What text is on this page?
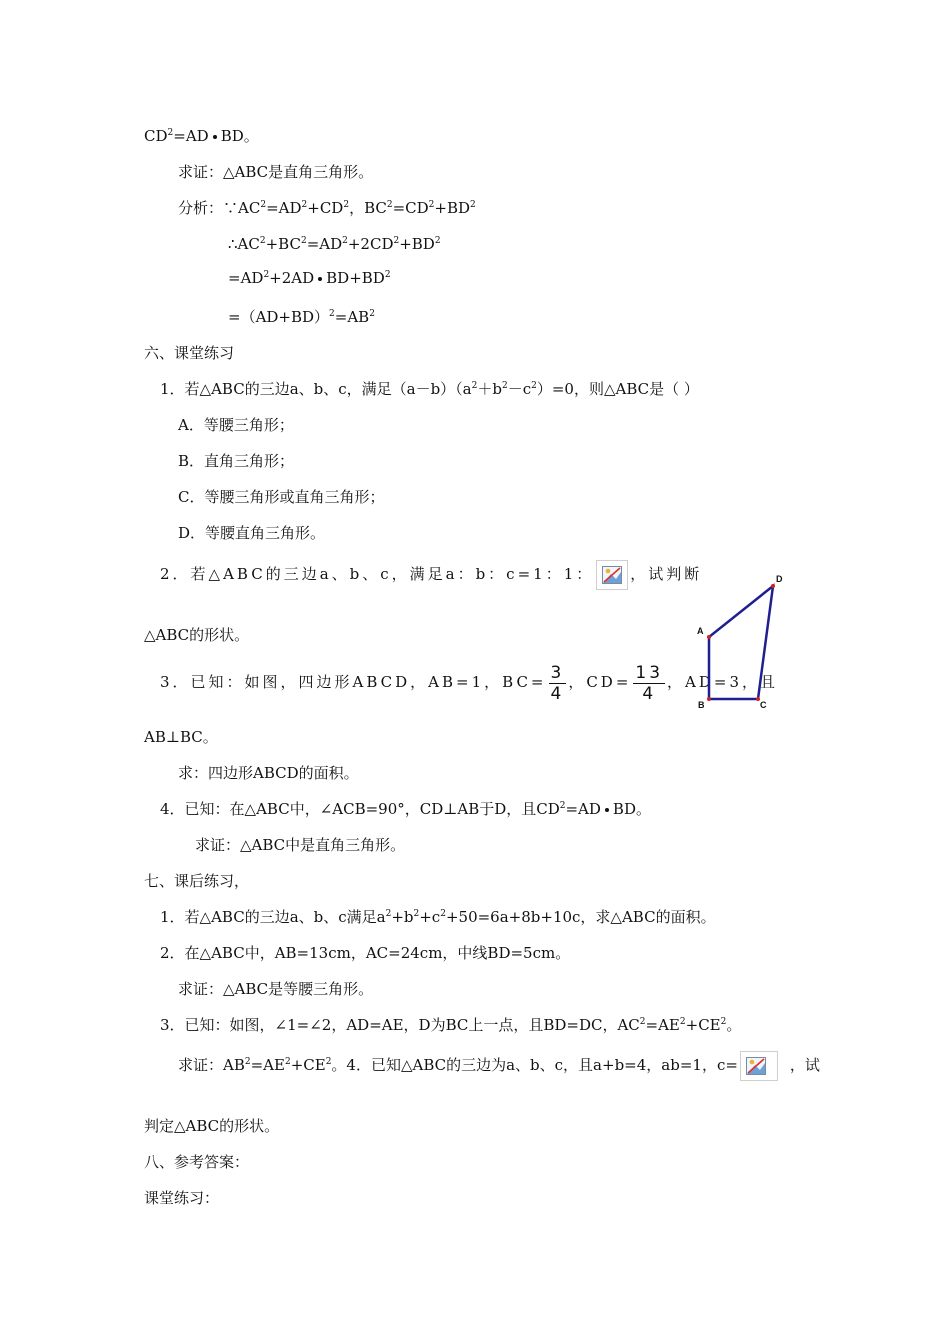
$CD^2=AD$ BD。
求证：△ABC是直角三角形。
分析：$\because AC^2=AD^2+CD^2$，$BC^2=CD^2+BD^2$
$\therefore AC^2+BC^2=AD^2+2CD^2+BD^2$
$=AD^2+2AD$ $BD+BD^2$
$=(AD+BD)^2=AB^2$
六、课堂练习
1．若△ABC的三边a、b、c，满足$(a-b)(a^2+b^2-c^2)=0$，则△ABC是（ ）
A．等腰三角形；
B．直角三角形；
C．等腰三角形或直角三角形；
D．等腰直角三角形。
2．若△ABC的三边a、b、c，满足a：b：c=1：1： ，试判断
△ABC的形状。
3．已知：如图，四边形ABCD，AB=1，$BC= \frac{3}{4}$ ，$CD= \frac{13}{4}$ ，AD=3，且
AB⊥BC。
求：四边形ABCD的面积。
4．已知：在△ABC中，∠ACB=90°，CD⊥AB于D，且$CD^2=AD$ BD。
求证：△ABC中是直角三角形。
A
B	C
D
七、课后练习，
1．若△ABC的三边a、b、c满足$a^2+b^2+c^2+50=6a+8b+10c$，求△ABC的面积。
2．在△ABC中，AB=13cm，AC=24cm，中线BD=5cm。
求证：△ABC是等腰三角形。
3．已知：如图，∠1=∠2，AD=AE，D为BC上一点，且BD=DC，$AC^2=AE^2+CE^2$。
求证：$AB^2=AE^2+CE^2$。4．已知△ABC的三边为a、b、c，且a+b=4，ab=1，c=	，试
判定△ABC的形状。
八、参考答案：
课堂练习：
